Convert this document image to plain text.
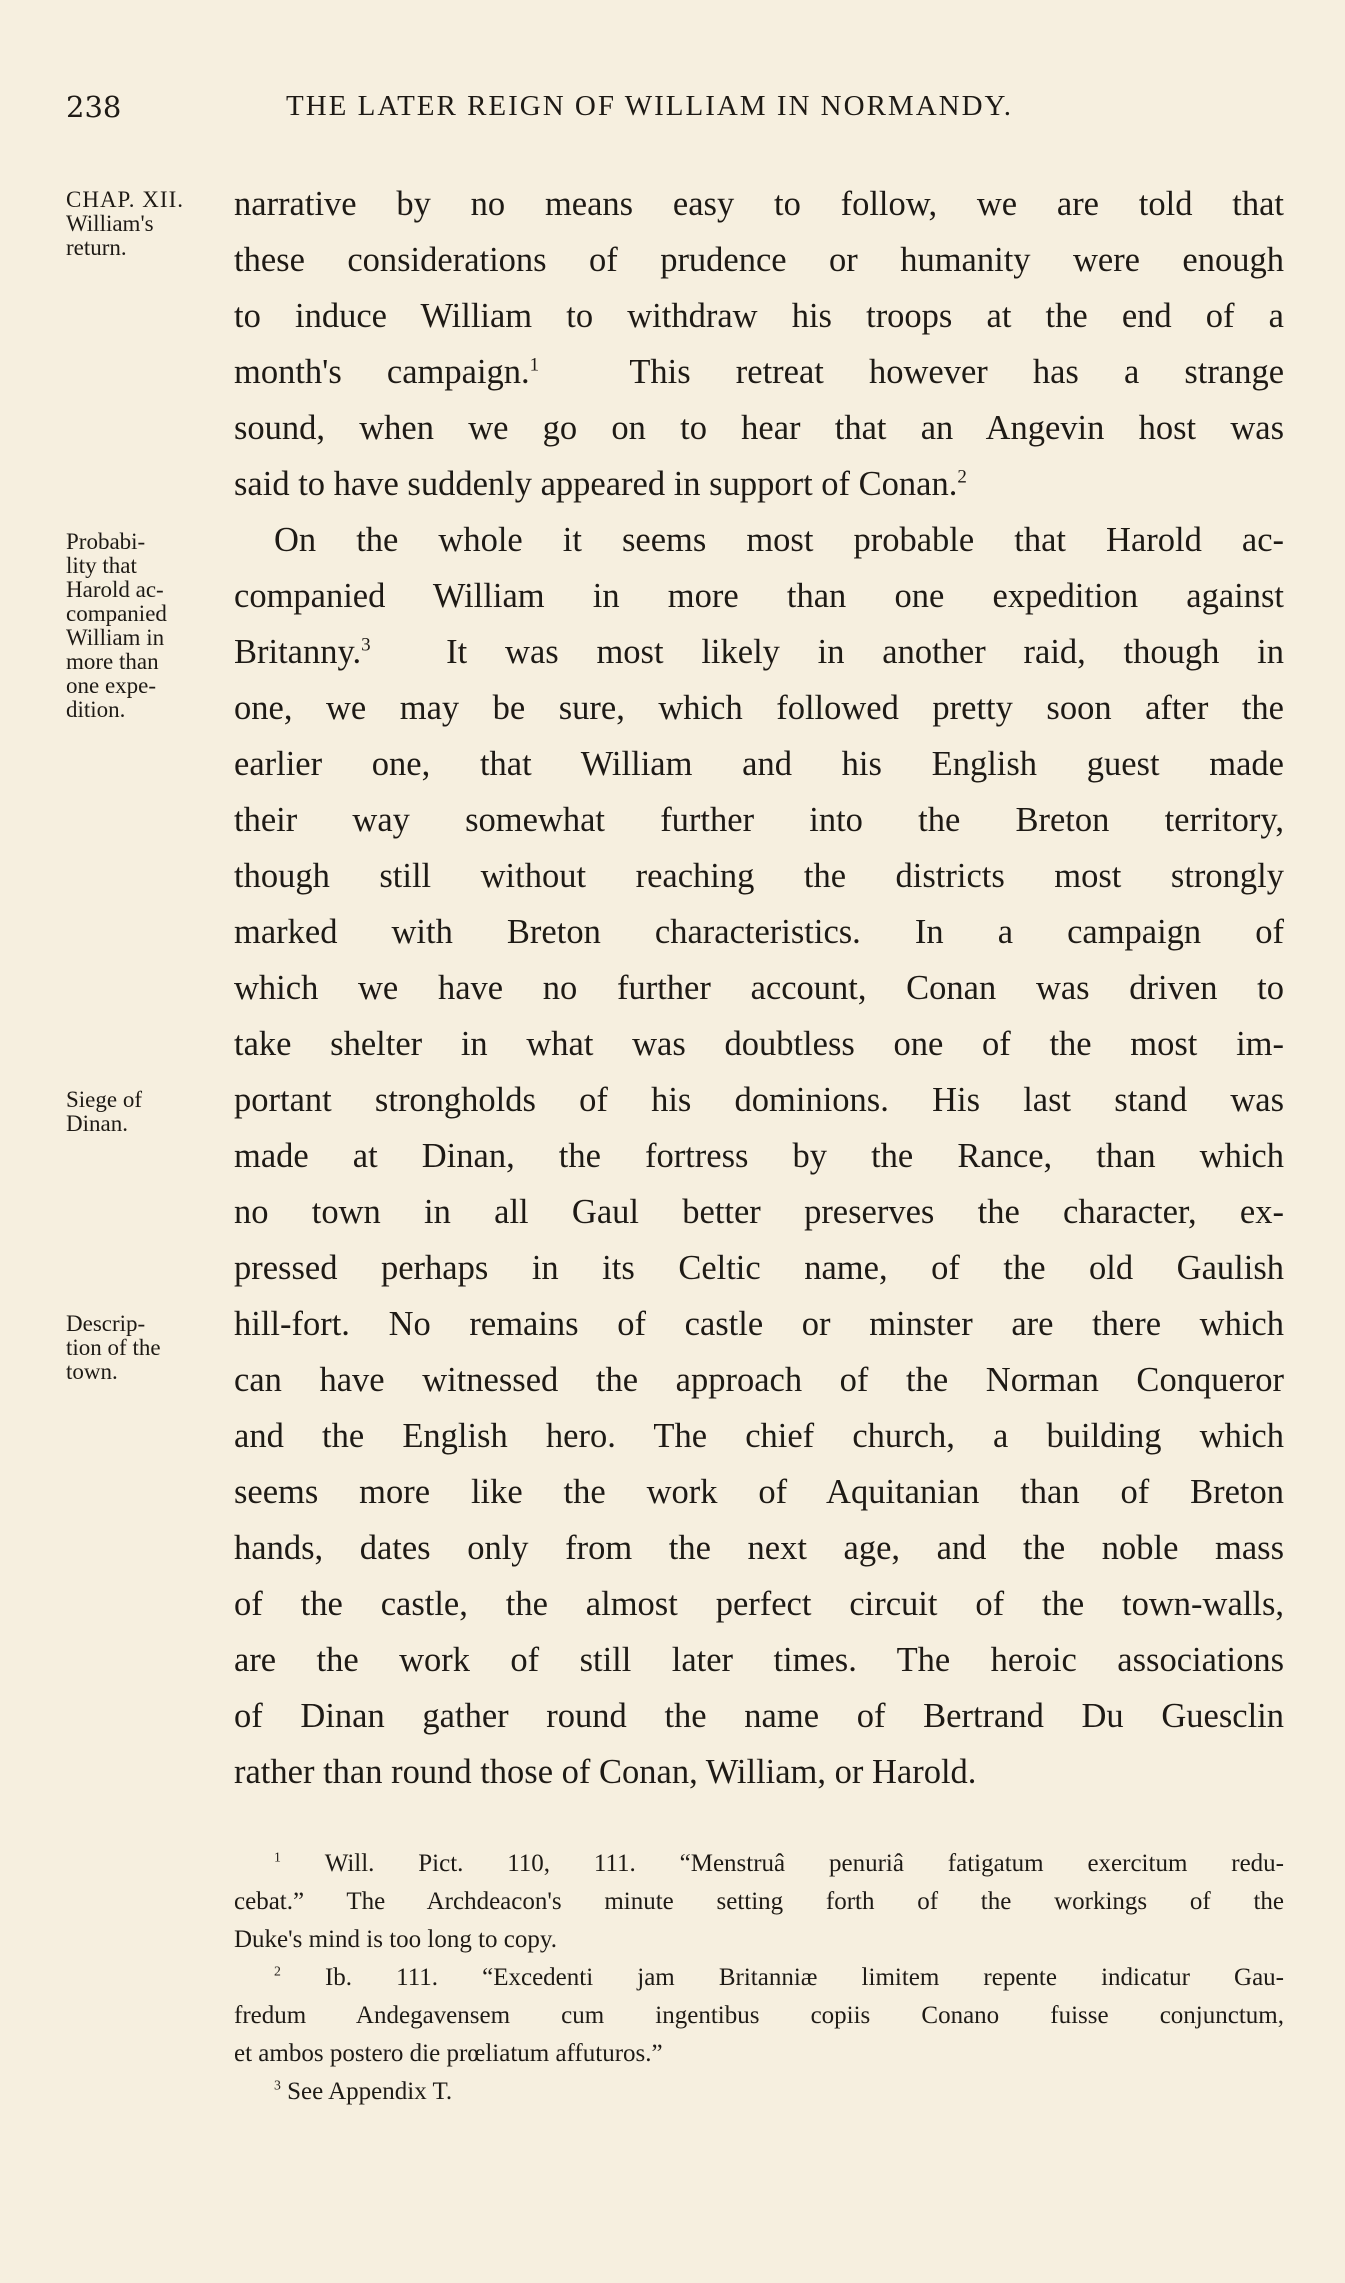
238	THE LATER REIGN OF WILLIAM IN NORMANDY.
CHAP. XII.
William's
return.
Probabi-
lity that
Harold ac-
companied
William in
more than
one expe-
dition.
Siege of
Dinan.
Descrip-
tion of the
town.
narrative by no means easy to follow, we are told that
these considerations of prudence or humanity were enough
to induce William to withdraw his troops at the end of a
month's campaign.$^1$	This retreat however has a strange
sound, when we go on to hear that an Angevin host was
said to have suddenly appeared in support of Conan.$^2$
On the whole it seems most probable that Harold ac-
companied William in more than one expedition against
Britanny.$^3$ It was most likely in another raid, though in
one, we may be sure, which followed pretty soon after the
earlier one, that William and his English guest made
their way somewhat further into the Breton territory,
though still without reaching the districts most strongly
marked with Breton characteristics. In a campaign of
which we have no further account, Conan was driven to
take shelter in what was doubtless one of the most im-
portant strongholds of his dominions. His last stand was
made at Dinan, the fortress by the Rance, than which
no town in all Gaul better preserves the character, ex-
pressed perhaps in its Celtic name, of the old Gaulish
hill-fort. No remains of castle or minster are there which
can have witnessed the approach of the Norman Conqueror
and the English hero. The chief church, a building which
seems more like the work of Aquitanian than of Breton
hands, dates only from the next age, and the noble mass
of the castle, the almost perfect circuit of the town-walls,
are the work of still later times. The heroic associations
of Dinan gather round the name of Bertrand Du Guesclin
rather than round those of Conan, William, or Harold.
$^1$ Will. Pict. 110, 111. “Menstruâ penuriâ fatigatum exercitum redu-
cebat.” The Archdeacon's minute setting forth of the workings of the
Duke's mind is too long to copy.
$^2$ Ib. 111. “Excedenti jam Britanniæ limitem repente indicatur Gau-
fredum Andegavensem cum ingentibus copiis Conano fuisse conjunctum,
et ambos postero die prœliatum affuturos.”
$^3$ See Appendix T.
